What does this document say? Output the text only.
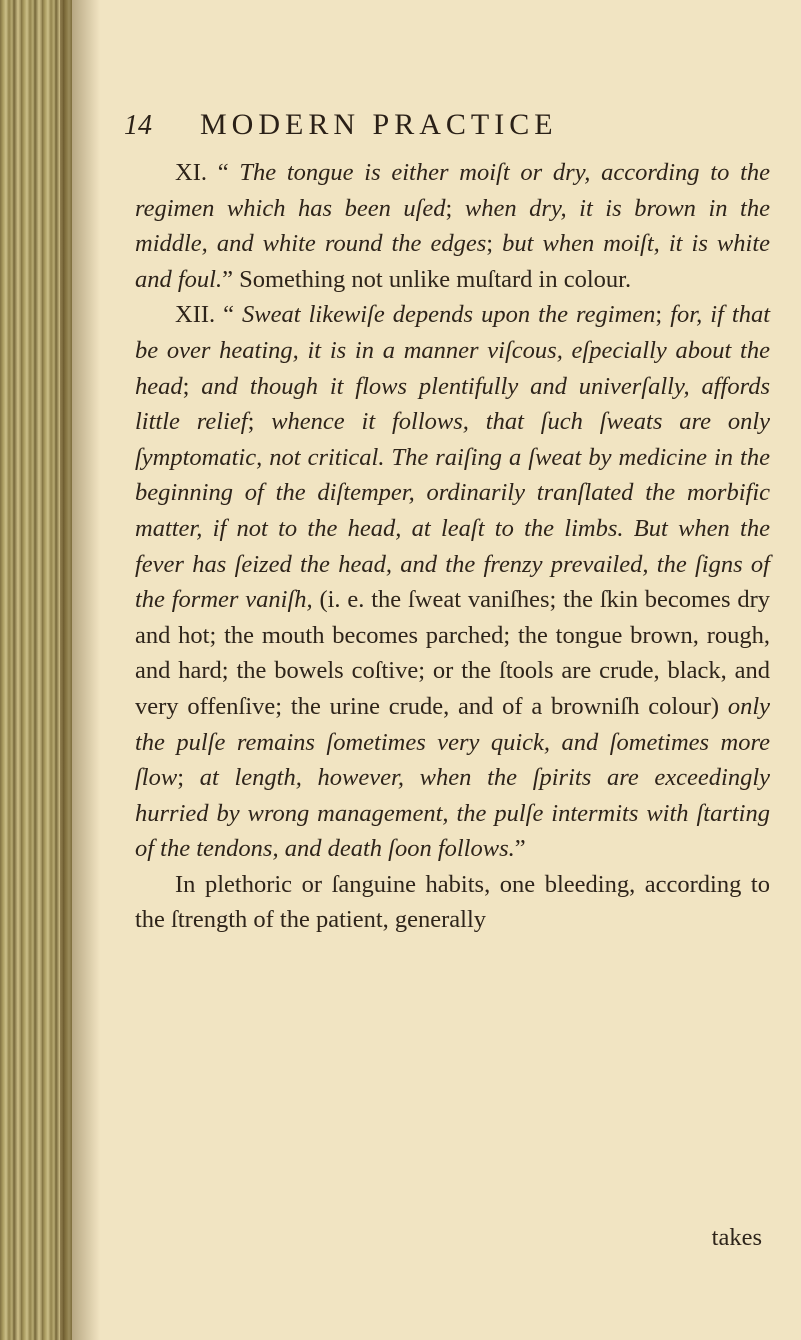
14	MODERN PRACTICE

XI. “ The tongue is either moiſt or dry, according to the regimen which has been uſed; when dry, it is brown in the middle, and white round the edges; but when moiſt, it is white and foul.” Something not unlike muſtard in colour.

XII. “ Sweat likewiſe depends upon the regimen; for, if that be over heating, it is in a manner viſcous, eſpecially about the head; and though it flows plentifully and univerſally, affords little relief; whence it follows, that ſuch ſweats are only ſymptomatic, not critical. The raiſing a ſweat by medicine in the beginning of the diſtemper, ordinarily tranſlated the morbific matter, if not to the head, at leaſt to the limbs. But when the fever has ſeized the head, and the frenzy prevailed, the ſigns of the former vaniſh, (i. e. the ſweat vaniſhes; the ſkin becomes dry and hot; the mouth becomes parched; the tongue brown, rough, and hard; the bowels coſtive; or the ſtools are crude, black, and very offenſive; the urine crude, and of a browniſh colour) only the pulſe remains ſometimes very quick, and ſometimes more ſlow; at length, however, when the ſpirits are exceedingly hurried by wrong management, the pulſe intermits with ſtarting of the tendons, and death ſoon follows.”

In plethoric or ſanguine habits, one bleeding, according to the ſtrength of the patient, generally

takes
